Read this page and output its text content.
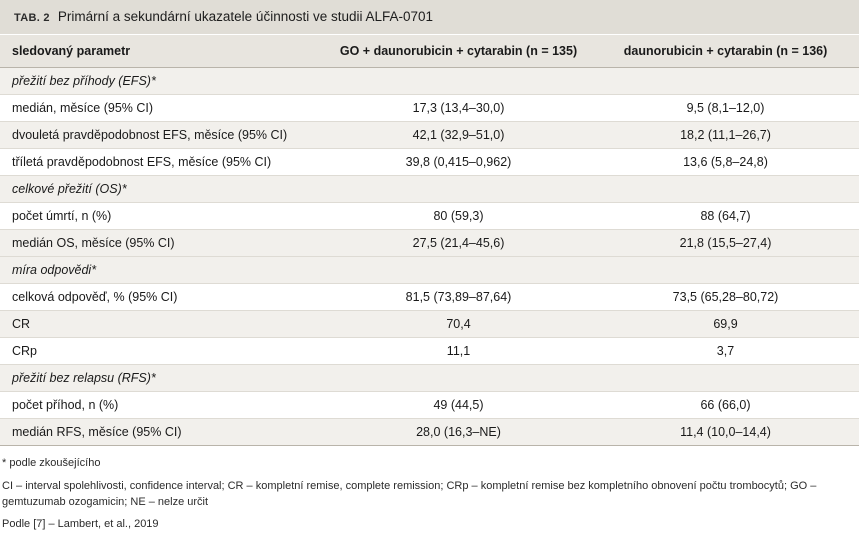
TAB. 2 Primární a sekundární ukazatele účinnosti ve studii ALFA-0701
sledovaný parametr	GO + daunorubicin + cytarabin (n = 135)	daunorubicin + cytarabin (n = 136)
přežití bez příhody (EFS)*		
medián, měsíce (95% CI)	17,3 (13,4–30,0)	9,5 (8,1–12,0)
dvouletá pravděpodobnost EFS, měsíce (95% CI)	42,1 (32,9–51,0)	18,2 (11,1–26,7)
tříletá pravděpodobnost EFS, měsíce (95% CI)	39,8 (0,415–0,962)	13,6 (5,8–24,8)
celkové přežití (OS)*		
počet úmrtí, n (%)	80 (59,3)	88 (64,7)
medián OS, měsíce (95% CI)	27,5 (21,4–45,6)	21,8 (15,5–27,4)
míra odpovědi*		
celková odpověď, % (95% CI)	81,5 (73,89–87,64)	73,5 (65,28–80,72)
CR	70,4	69,9
CRp	11,1	3,7
přežití bez relapsu (RFS)*		
počet příhod, n (%)	49 (44,5)	66 (66,0)
medián RFS, měsíce (95% CI)	28,0 (16,3–NE)	11,4 (10,0–14,4)

* podle zkoušejícího

CI – interval spolehlivosti, confidence interval; CR – kompletní remise, complete remission; CRp – kompletní remise bez kompletního obnovení počtu trombocytů; GO – gemtuzumab ozogamicin; NE – nelze určit

Podle [7] – Lambert, et al., 2019
